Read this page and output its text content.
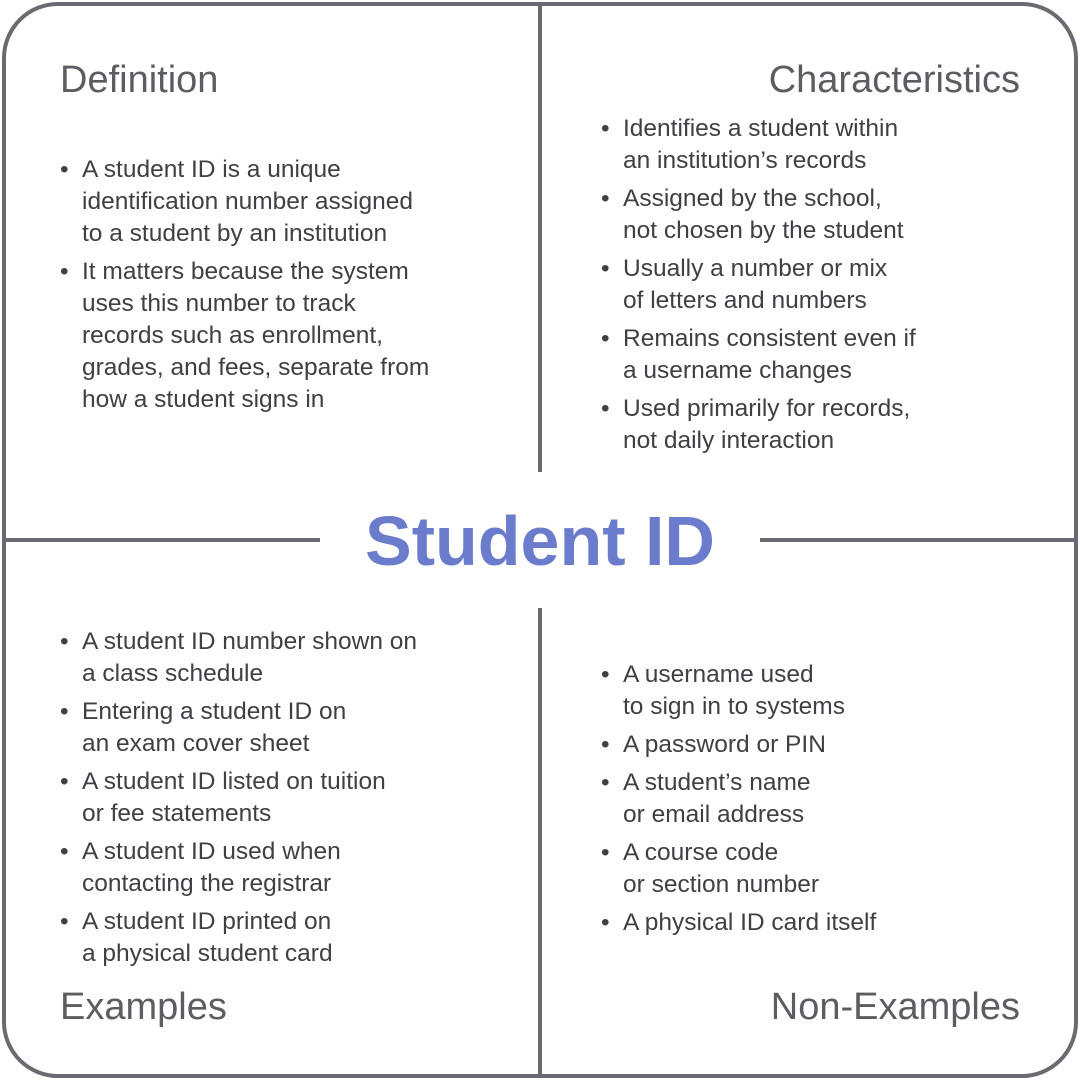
Student ID
Definition
• A student ID is a unique
identification number assigned
to a student by an institution
• It matters because the system
uses this number to track
records such as enrollment,
grades, and fees, separate from
how a student signs in
Characteristics
• Identifies a student within
an institution’s records
• Assigned by the school,
not chosen by the student
• Usually a number or mix
of letters and numbers
• Remains consistent even if
a username changes
• Used primarily for records,
not daily interaction
• A student ID number shown on
a class schedule
• Entering a student ID on
an exam cover sheet
• A student ID listed on tuition
or fee statements
• A student ID used when
contacting the registrar
• A student ID printed on
a physical student card
Examples
• A username used
to sign in to systems
• A password or PIN
• A student’s name
or email address
• A course code
or section number
• A physical ID card itself
Non-Examples
